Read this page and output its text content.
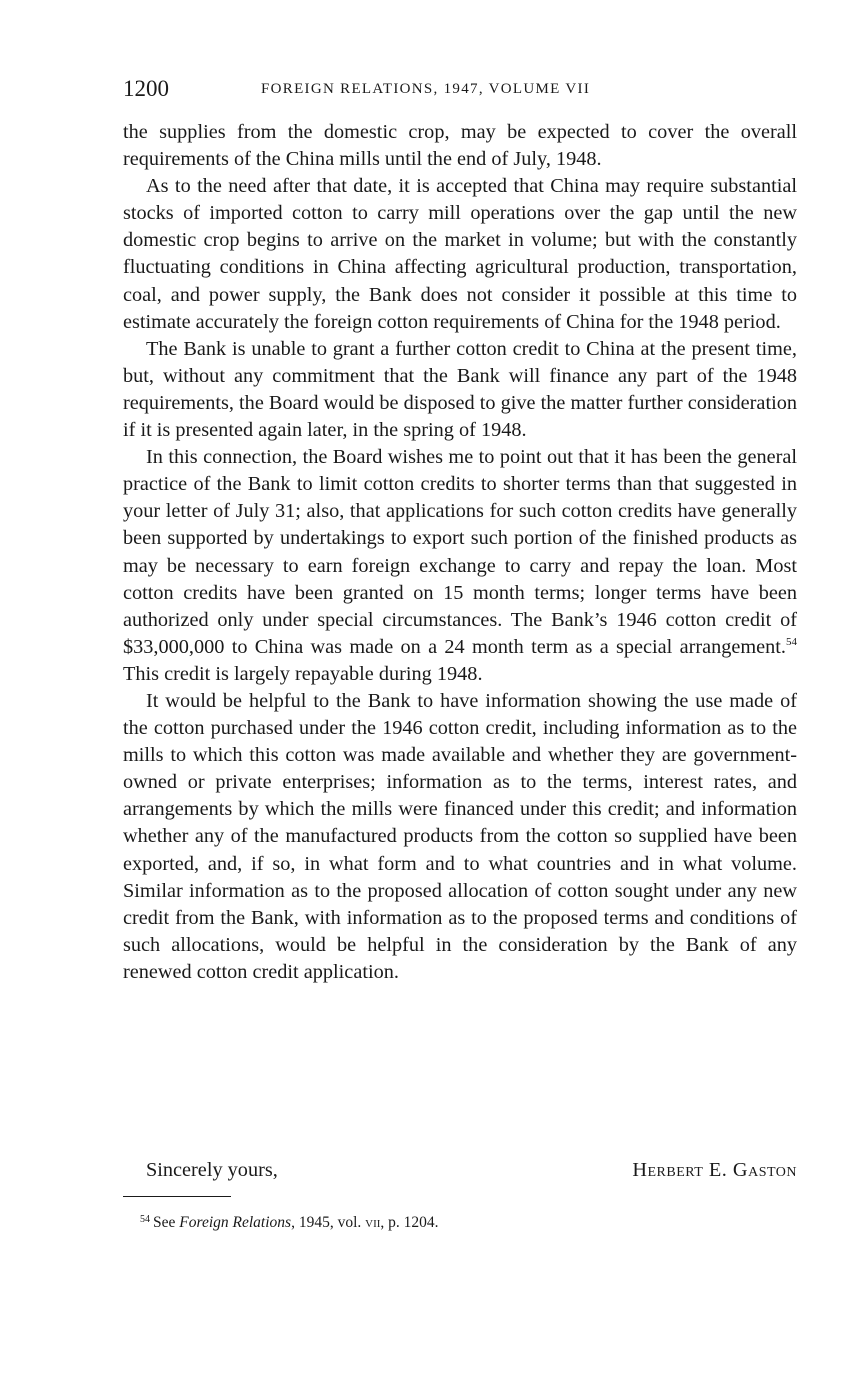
1200	FOREIGN RELATIONS, 1947, VOLUME VII

the supplies from the domestic crop, may be expected to cover the overall requirements of the China mills until the end of July, 1948.

As to the need after that date, it is accepted that China may require substantial stocks of imported cotton to carry mill operations over the gap until the new domestic crop begins to arrive on the market in volume; but with the constantly fluctuating conditions in China affecting agricultural production, transportation, coal, and power supply, the Bank does not consider it possible at this time to estimate accurately the foreign cotton requirements of China for the 1948 period.

The Bank is unable to grant a further cotton credit to China at the present time, but, without any commitment that the Bank will finance any part of the 1948 requirements, the Board would be disposed to give the matter further consideration if it is presented again later, in the spring of 1948.

In this connection, the Board wishes me to point out that it has been the general practice of the Bank to limit cotton credits to shorter terms than that suggested in your letter of July 31; also, that applications for such cotton credits have generally been supported by undertakings to export such portion of the finished products as may be necessary to earn foreign exchange to carry and repay the loan. Most cotton credits have been granted on 15 month terms; longer terms have been authorized only under special circumstances. The Bank’s 1946 cotton credit of $33,000,000 to China was made on a 24 month term as a special arrangement.$^{54}$ This credit is largely repayable during 1948.

It would be helpful to the Bank to have information showing the use made of the cotton purchased under the 1946 cotton credit, including information as to the mills to which this cotton was made available and whether they are government-owned or private enterprises; information as to the terms, interest rates, and arrangements by which the mills were financed under this credit; and information whether any of the manufactured products from the cotton so supplied have been exported, and, if so, in what form and to what countries and in what volume. Similar information as to the proposed allocation of cotton sought under any new credit from the Bank, with information as to the proposed terms and conditions of such allocations, would be helpful in the consideration by the Bank of any renewed cotton credit application.

Sincerely yours,	Herbert E. Gaston
$^{54}$ See Foreign Relations, 1945, vol. vii, p. 1204.
